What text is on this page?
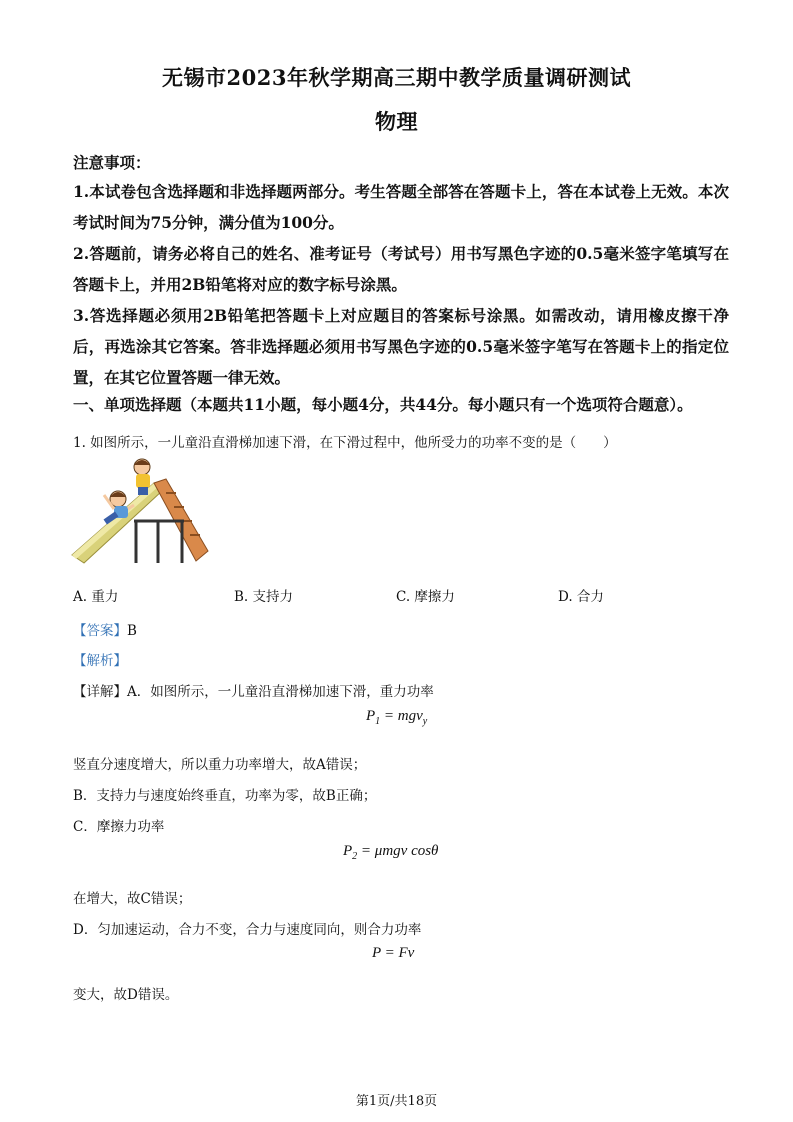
无锡市2023年秋学期高三期中教学质量调研测试
物理
注意事项：
1.本试卷包含选择题和非选择题两部分。考生答题全部答在答题卡上，答在本试卷上无效。本次考试时间为75分钟，满分值为100分。
2.答题前，请务必将自己的姓名、准考证号（考试号）用书写黑色字迹的0.5毫米签字笔填写在答题卡上，并用2B铅笔将对应的数字标号涂黑。
3.答选择题必须用2B铅笔把答题卡上对应题目的答案标号涂黑。如需改动，请用橡皮擦干净后，再选涂其它答案。答非选择题必须用书写黑色字迹的0.5毫米签字笔写在答题卡上的指定位置，在其它位置答题一律无效。
一、单项选择题（本题共11小题，每小题4分，共44分。每小题只有一个选项符合题意）。
1. 如图所示，一儿童沿直滑梯加速下滑，在下滑过程中，他所受力的功率不变的是（　　）
A. 重力	B. 支持力	C. 摩擦力	D. 合力
【答案】B
【解析】
【详解】A．如图所示，一儿童沿直滑梯加速下滑，重力功率
$P_1 = mgv_y$
竖直分速度增大，所以重力功率增大，故A错误；
B．支持力与速度始终垂直，功率为零，故B正确；
C．摩擦力功率
$P_2 = \mu mgv$ cosθ
在增大，故C错误；
D．匀加速运动，合力不变，合力与速度同向，则合力功率
P = Fv
变大，故D错误。
第1页/共18页
